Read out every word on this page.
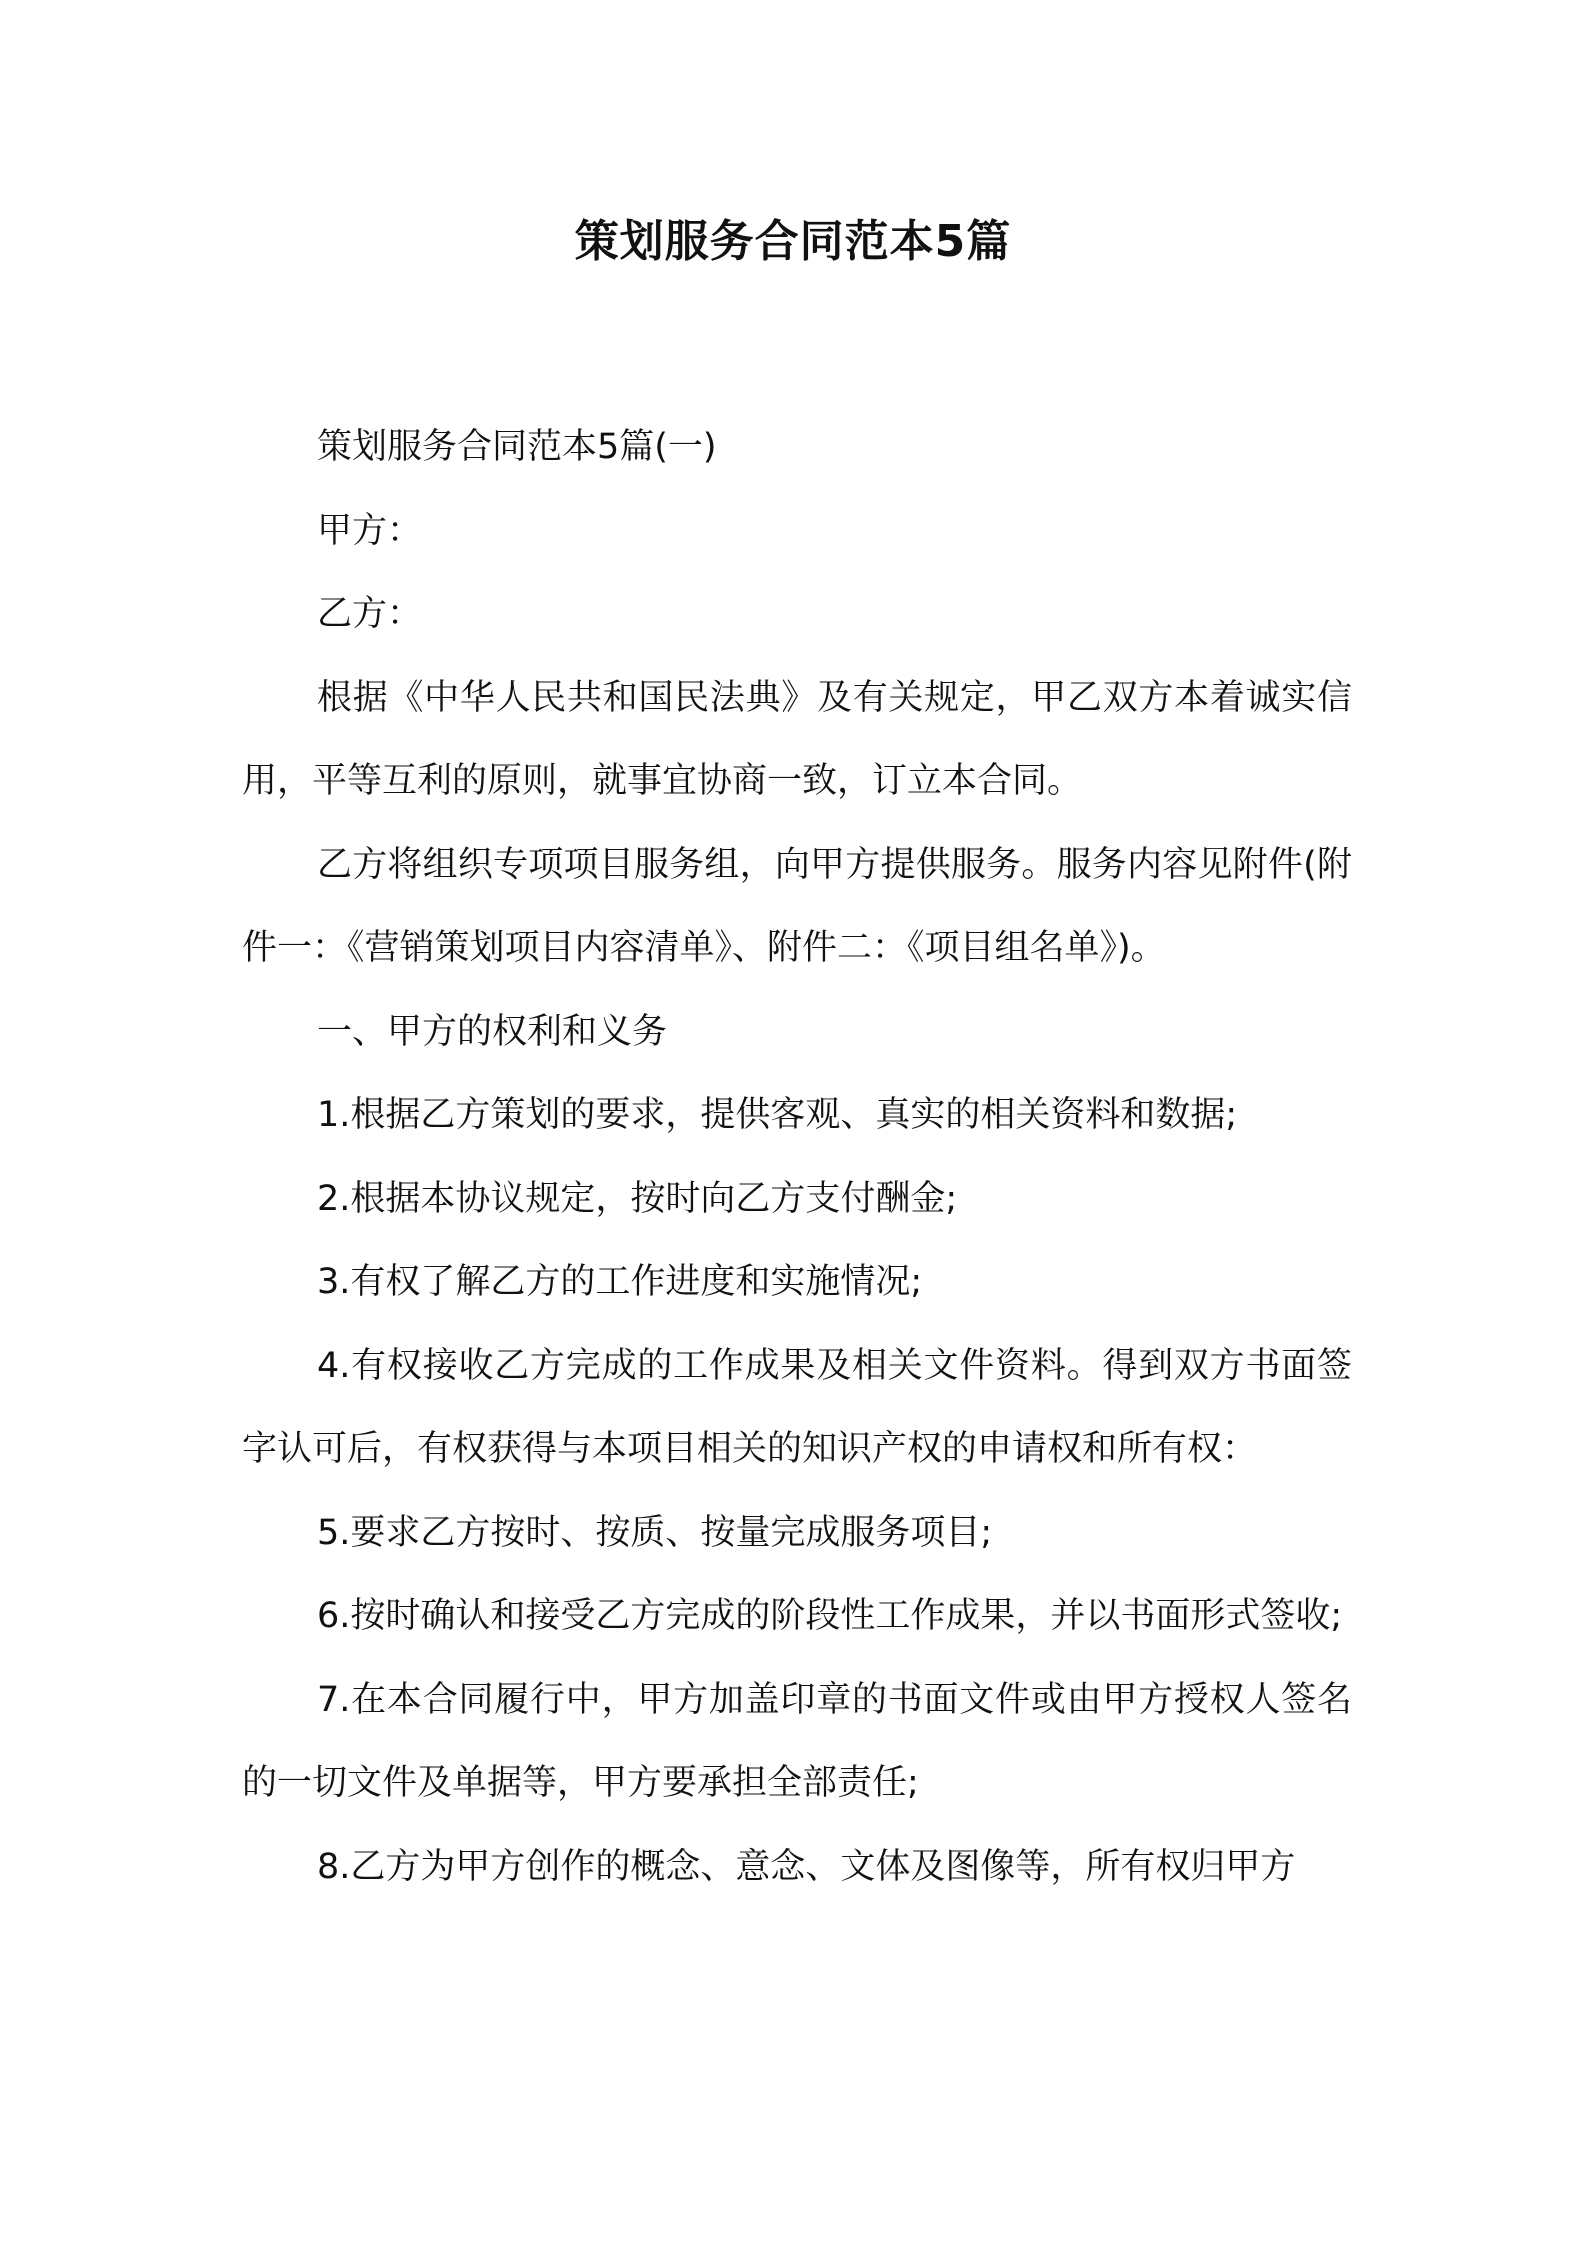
策划服务合同范本5篇

策划服务合同范本5篇(一)

甲方：

乙方：

根据《中华人民共和国民法典》及有关规定，甲乙双方本着诚实信用，平等互利的原则，就事宜协商一致，订立本合同。

乙方将组织专项项目服务组，向甲方提供服务。服务内容见附件(附件一：《营销策划项目内容清单》、附件二：《项目组名单》)。

一、甲方的权利和义务

1.根据乙方策划的要求，提供客观、真实的相关资料和数据;

2.根据本协议规定，按时向乙方支付酬金;

3.有权了解乙方的工作进度和实施情况;

4.有权接收乙方完成的工作成果及相关文件资料。得到双方书面签字认可后，有权获得与本项目相关的知识产权的申请权和所有权：

5.要求乙方按时、按质、按量完成服务项目;

6.按时确认和接受乙方完成的阶段性工作成果，并以书面形式签收;

7.在本合同履行中，甲方加盖印章的书面文件或由甲方授权人签名的一切文件及单据等，甲方要承担全部责任;

8.乙方为甲方创作的概念、意念、文体及图像等，所有权归甲方
